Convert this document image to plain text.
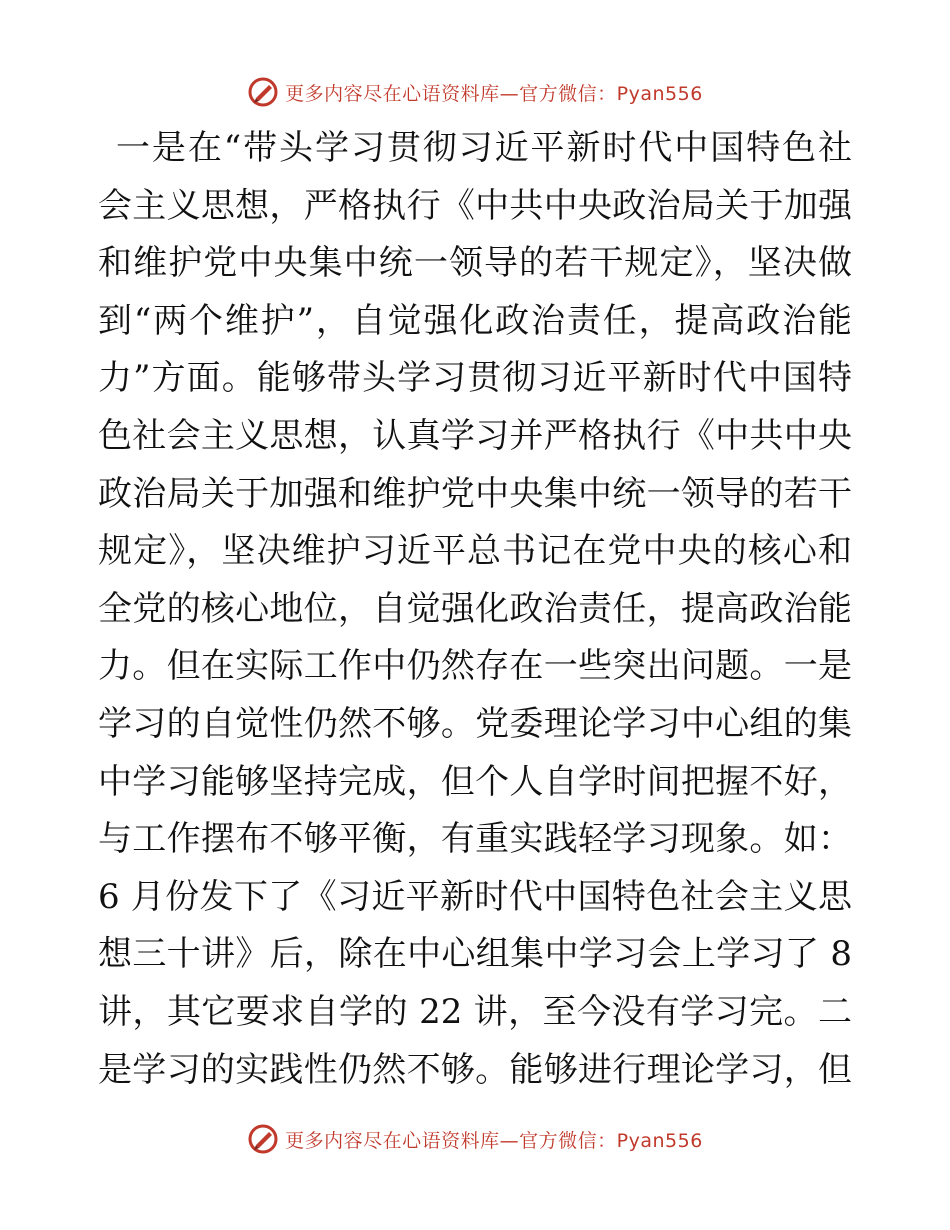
更多内容尽在心语资料库—官方微信：Pyan556
一是在“带头学习贯彻习近平新时代中国特色社
会主义思想，严格执行《中共中央政治局关于加强
和维护党中央集中统一领导的若干规定》，坚决做
到“两个维护”，自觉强化政治责任，提高政治能
力”方面。能够带头学习贯彻习近平新时代中国特
色社会主义思想，认真学习并严格执行《中共中央
政治局关于加强和维护党中央集中统一领导的若干
规定》，坚决维护习近平总书记在党中央的核心和
全党的核心地位，自觉强化政治责任，提高政治能
力。但在实际工作中仍然存在一些突出问题。一是
学习的自觉性仍然不够。党委理论学习中心组的集
中学习能够坚持完成，但个人自学时间把握不好，
与工作摆布不够平衡，有重实践轻学习现象。如：
6 月份发下了《习近平新时代中国特色社会主义思
想三十讲》后，除在中心组集中学习会上学习了 8
讲，其它要求自学的 22 讲，至今没有学习完。二
是学习的实践性仍然不够。能够进行理论学习，但
更多内容尽在心语资料库—官方微信：Pyan556
